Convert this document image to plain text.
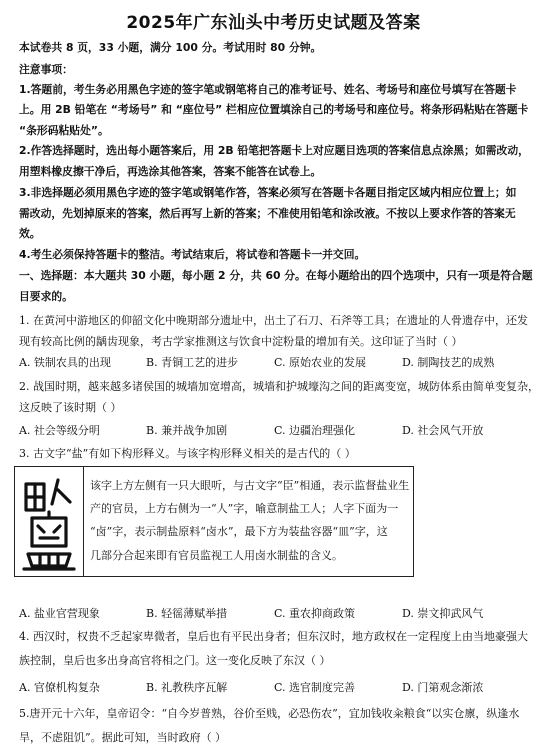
2025年广东汕头中考历史试题及答案
本试卷共 8 页，33 小题，满分 100 分。考试用时 80 分钟。
注意事项：
1.答题前，考生务必用黑色字迹的签字笔或钢笔将自己的准考证号、姓名、考场号和座位号填写在答题卡
上。用 2B 铅笔在 “考场号” 和 “座位号” 栏相应位置填涂自己的考场号和座位号。将条形码粘贴在答题卡
“条形码粘贴处”。
2.作答选择题时，选出每小题答案后，用 2B 铅笔把答题卡上对应题目选项的答案信息点涂黑；如需改动，
用塑料橡皮擦干净后，再选涂其他答案，答案不能答在试卷上。
3.非选择题必须用黑色字迹的签字笔或钢笔作答，答案必须写在答题卡各题目指定区域内相应位置上；如
需改动，先划掉原来的答案，然后再写上新的答案；不准使用铅笔和涂改液。不按以上要求作答的答案无
效。
4.考生必须保持答题卡的整洁。考试结束后，将试卷和答题卡一并交回。
一、选择题：本大题共 30 小题，每小题 2 分，共 60 分。在每小题给出的四个选项中，只有一项是符合题
目要求的。
1. 在黄河中游地区的仰韶文化中晚期部分遗址中，出土了石刀、石斧等工具；在遗址的人骨遗存中，还发
现有较高比例的龋齿现象，考古学家推测这与饮食中淀粉量的增加有关。这印证了当时（ ）
A. 铁制农具的出现	B. 青铜工艺的进步	C. 原始农业的发展	D. 制陶技艺的成熟
2. 战国时期，越来越多诸侯国的城墙加宽增高，城墙和护城壕沟之间的距离变宽，城防体系由简单变复杂，
这反映了该时期（ ）
A. 社会等级分明	B. 兼并战争加剧	C. 边疆治理强化	D. 社会风气开放
3. 古文字“盐”有如下构形释义。与该字构形释义相关的是古代的（ ）
该字上方左侧有一只大眼听，与古文字“臣”相通，表示监督盐业生
产的官员，上方右侧为一“人”字，喻意制盐工人；人字下面为一
“卤”字，表示制盐原料“卤水”，最下方为装盐容器“皿”字，这
几部分合起来即有官员监视工人用卤水制盐的含义。
A. 盐业官营现象	B. 轻徭薄赋举措	C. 重农抑商政策	D. 崇文抑武风气
4. 西汉时，权贵不乏起家卑微者，皇后也有平民出身者；但东汉时，地方政权在一定程度上由当地豪强大
族控制，皇后也多出身高官将相之门。这一变化反映了东汉（ ）
A. 官僚机构复杂	B. 礼教秩序瓦解	C. 选官制度完善	D. 门第观念渐浓
5.唐开元十六年，皇帝诏令：“自今岁普熟，谷价至贱，必恐伤农”，宜加钱收籴粮食“以实仓廪，纵逢水
旱，不虑阻饥”。据此可知，当时政府（ ）
